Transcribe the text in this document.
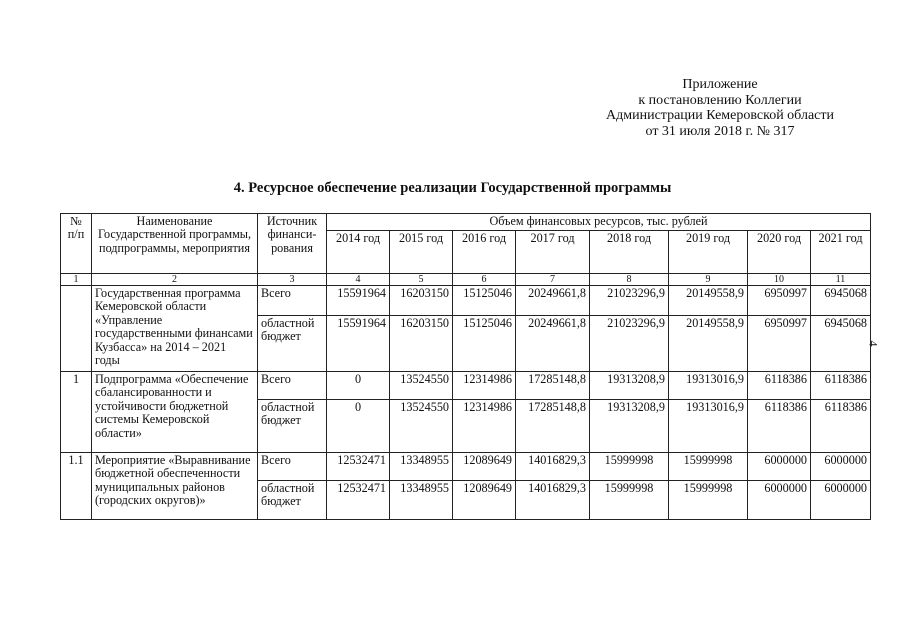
Приложение
к постановлению Коллегии
Администрации Кемеровской области
от 31 июля 2018 г. № 317
4. Ресурсное обеспечение реализации Государственной программы
4
№ п/п	Наименование Государственной программы, подпрограммы, мероприятия	Источник финанси-рования	Объем финансовых ресурсов, тыс. рублей							
			2014 год	2015 год	2016 год	2017 год	2018 год	2019 год	2020 год	2021 год
1	2	3	4	5	6	7	8	9	10	11
	Государственная программа Кемеровской области «Управление государственными финансами Кузбасса» на 2014 – 2021 годы	Всего	15591964	16203150	15125046	20249661,8	21023296,9	20149558,9	6950997	6945068
		областной бюджет	15591964	16203150	15125046	20249661,8	21023296,9	20149558,9	6950997	6945068
1	Подпрограмма «Обеспечение сбалансированности и устойчивости бюджетной системы Кемеровской области»	Всего	0	13524550	12314986	17285148,8	19313208,9	19313016,9	6118386	6118386
		областной бюджет	0	13524550	12314986	17285148,8	19313208,9	19313016,9	6118386	6118386
1.1	Мероприятие «Выравнивание бюджетной обеспеченности муниципальных районов (городских округов)»	Всего	12532471	13348955	12089649	14016829,3	15999998	15999998	6000000	6000000
		областной бюджет	12532471	13348955	12089649	14016829,3	15999998	15999998	6000000	6000000
